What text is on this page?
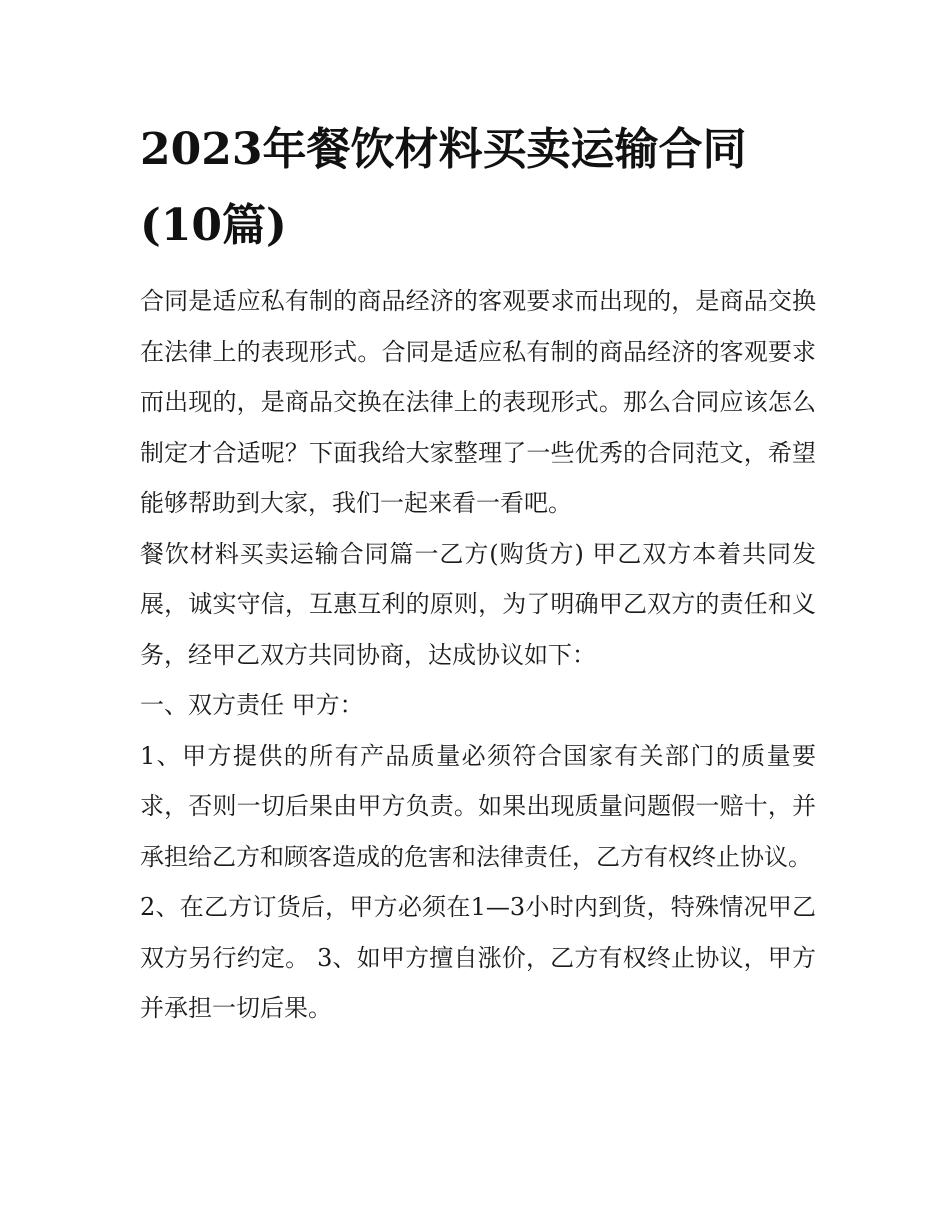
2023年餐饮材料买卖运输合同(10篇)

合同是适应私有制的商品经济的客观要求而出现的，是商品交换在法律上的表现形式。合同是适应私有制的商品经济的客观要求而出现的，是商品交换在法律上的表现形式。那么合同应该怎么制定才合适呢？下面我给大家整理了一些优秀的合同范文，希望能够帮助到大家，我们一起来看一看吧。

餐饮材料买卖运输合同篇一乙方(购货方) 甲乙双方本着共同发展，诚实守信，互惠互利的原则，为了明确甲乙双方的责任和义务，经甲乙双方共同协商，达成协议如下：

一、双方责任 甲方：

1、甲方提供的所有产品质量必须符合国家有关部门的质量要求，否则一切后果由甲方负责。如果出现质量问题假一赔十，并承担给乙方和顾客造成的危害和法律责任，乙方有权终止协议。

2、在乙方订货后，甲方必须在1—3小时内到货，特殊情况甲乙双方另行约定。 3、如甲方擅自涨价，乙方有权终止协议，甲方并承担一切后果。
